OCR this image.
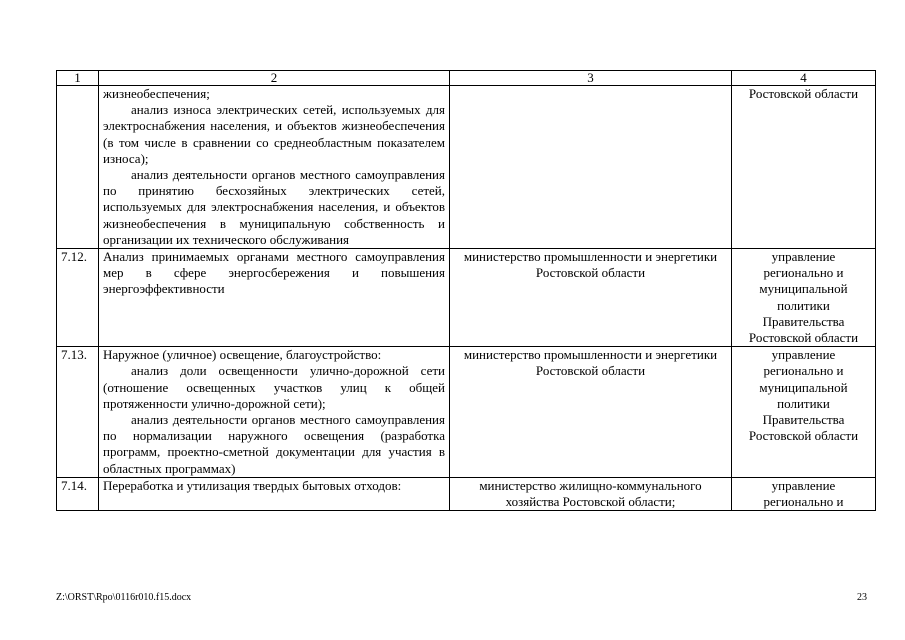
1	2	3	4

	жизнеобеспечения;
анализ износа электрических сетей, используемых для электроснабжения населения, и объектов жизнеобеспечения (в том числе в сравнении со среднеобластным показателем износа);
анализ деятельности органов местного самоуправления по принятию бесхозяйных электрических сетей, используемых для электроснабжения населения, и объектов жизнеобеспечения в муниципальную собственность и организации их технического обслуживания		Ростовской области
7.12.	Анализ принимаемых органами местного самоуправления мер в сфере энергосбережения и повышения энергоэффективности	министерство промышленности и энергетики Ростовской области	управление регионально и муниципальной политики Правительства Ростовской области
7.13.	Наружное (уличное) освещение, благоустройство:
анализ доли освещенности улично-дорожной сети (отношение освещенных участков улиц к общей протяженности улично-дорожной сети);
анализ деятельности органов местного самоуправления по нормализации наружного освещения (разработка программ, проектно-сметной документации для участия в областных программах)	министерство промышленности и энергетики Ростовской области	управление регионально и муниципальной политики Правительства Ростовской области
7.14.	Переработка и утилизация твердых бытовых отходов:	министерство жилищно-коммунального хозяйства Ростовской области;	управление регионально и
Z:\ORST\Rpo\0116r010.f15.docx	23
